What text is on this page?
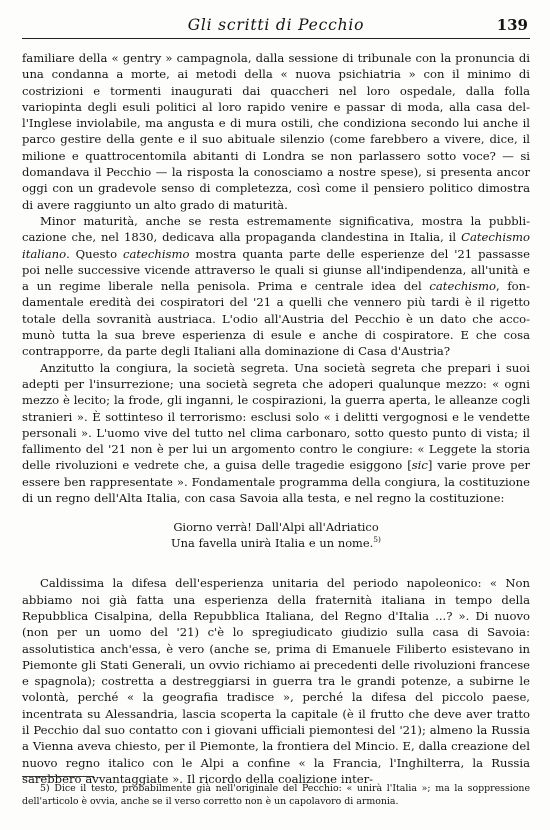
Gli scritti di Pecchio	139

familiare della « gentry » campagnola, dalla sessione di tribunale con la pronuncia di una condanna a morte, ai metodi della « nuova psichiatria » con il minimo di costrizioni e tormenti inaugurati dai quaccheri nel loro ospedale, dalla folla variopinta degli esuli politici al loro rapido venire e passar di moda, alla casa dell'Inglese inviolabile, ma angusta e di mura ostili, che condiziona secondo lui anche il parco gestire della gente e il suo abituale silenzio (come farebbero a vivere, dice, il milione e quattrocentomila abitanti di Londra se non parlassero sotto voce? — si domandava il Pecchio — la risposta la conosciamo a nostre spese), si presenta ancor oggi con un gradevole senso di completezza, così come il pensiero politico dimostra di avere raggiunto un alto grado di maturità.

Minor maturità, anche se resta estremamente significativa, mostra la pubblicazione che, nel 1830, dedicava alla propaganda clandestina in Italia, il Catechismo italiano. Questo catechismo mostra quanta parte delle esperienze del '21 passasse poi nelle successive vicende attraverso le quali si giunse all'indipendenza, all'unità e a un regime liberale nella penisola. Prima e centrale idea del catechismo, fondamentale eredità dei cospiratori del '21 a quelli che vennero più tardi è il rigetto totale della sovranità austriaca. L'odio all'Austria del Pecchio è un dato che accomunò tutta la sua breve esperienza di esule e anche di cospiratore. E che cosa contrapporre, da parte degli Italiani alla dominazione di Casa d'Austria?

Anzitutto la congiura, la società segreta. Una società segreta che prepari i suoi adepti per l'insurrezione; una società segreta che adoperi qualunque mezzo: « ogni mezzo è lecito; la frode, gli inganni, le cospirazioni, la guerra aperta, le alleanze cogli stranieri ». È sottinteso il terrorismo: esclusi solo « i delitti vergognosi e le vendette personali ». L'uomo vive del tutto nel clima carbonaro, sotto questo punto di vista; il fallimento del '21 non è per lui un argomento contro le congiure: « Leggete la storia delle rivoluzioni e vedrete che, a guisa delle tragedie esiggono [sic] varie prove per essere ben rappresentate ». Fondamentale programma della congiura, la costituzione di un regno dell'Alta Italia, con casa Savoia alla testa, e nel regno la costituzione:

Giorno verrà! Dall'Alpi all'Adriatico
Una favella unirà Italia e un nome.$^{5)}$

Caldissima la difesa dell'esperienza unitaria del periodo napoleonico: « Non abbiamo noi già fatta una esperienza della fraternità italiana in tempo della Repubblica Cisalpina, della Repubblica Italiana, del Regno d'Italia ...? ». Di nuovo (non per un uomo del '21) c'è lo spregiudicato giudizio sulla casa di Savoia: assolutistica anch'essa, è vero (anche se, prima di Emanuele Filiberto esistevano in Piemonte gli Stati Generali, un ovvio richiamo ai precedenti delle rivoluzioni francese e spagnola); costretta a destreggiarsi in guerra tra le grandi potenze, a subirne le volontà, perché « la geografia tradisce », perché la difesa del piccolo paese, incentrata su Alessandria, lascia scoperta la capitale (è il frutto che deve aver tratto il Pecchio dal suo contatto con i giovani ufficiali piemontesi del '21); almeno la Russia a Vienna aveva chiesto, per il Piemonte, la frontiera del Mincio. E, dalla creazione del nuovo regno italico con le Alpi a confine « la Francia, l'Inghilterra, la Russia sarebbero avvantaggiate ». Il ricordo della coalizione inter-

5) Dice il testo, probabilmente già nell'originale del Pecchio: « unirà l'Italia »; ma la soppressione dell'articolo è ovvia, anche se il verso corretto non è un capolavoro di armonia.
